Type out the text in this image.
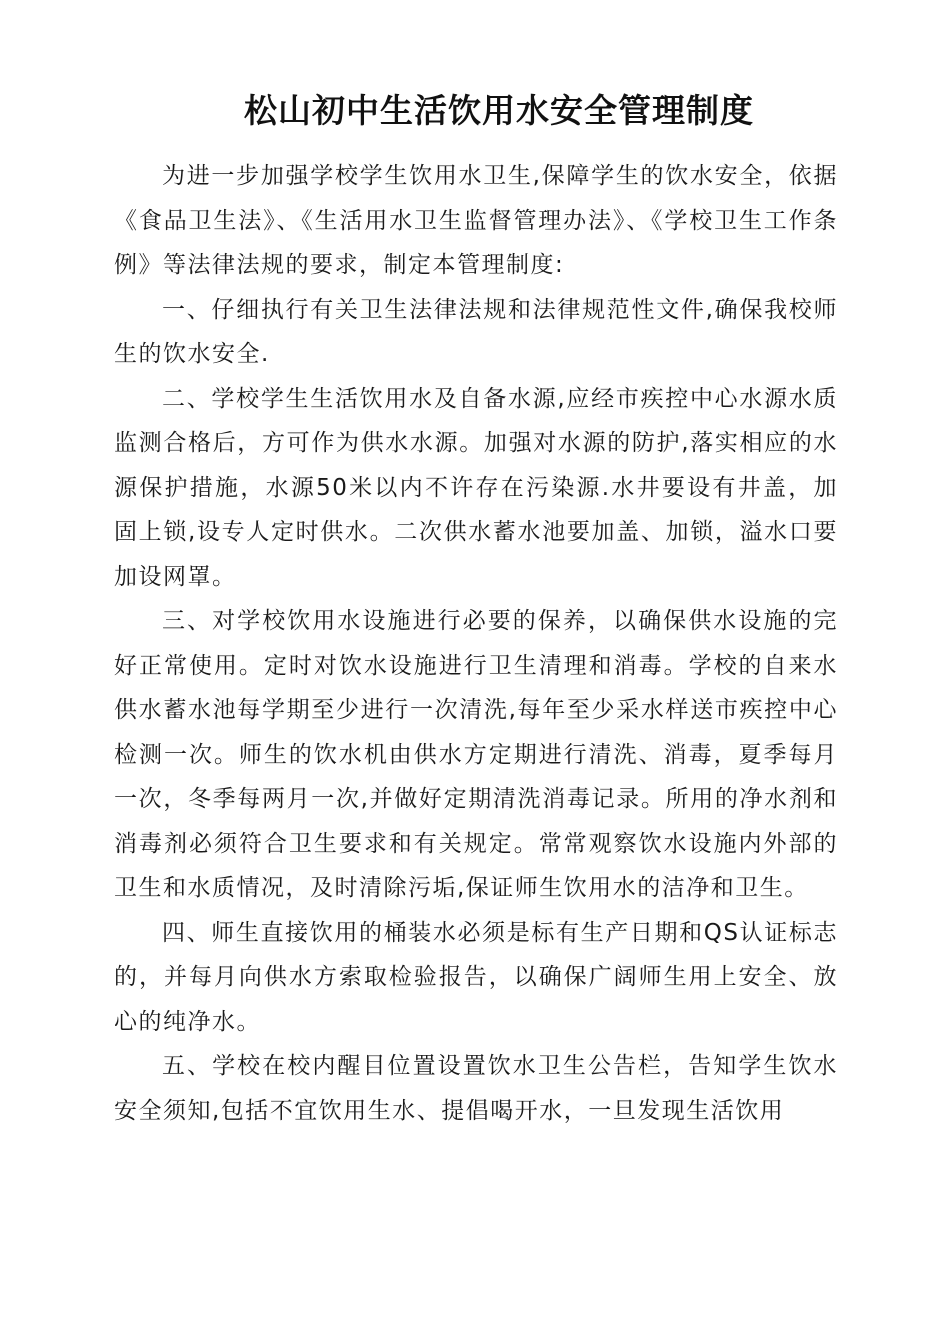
松山初中生活饮用水安全管理制度

为进一步加强学校学生饮用水卫生,保障学生的饮水安全，依据《食品卫生法》、《生活用水卫生监督管理办法》、《学校卫生工作条例》等法律法规的要求，制定本管理制度:

一、仔细执行有关卫生法律法规和法律规范性文件,确保我校师生的饮水安全.

二、学校学生生活饮用水及自备水源,应经市疾控中心水源水质监测合格后，方可作为供水水源。加强对水源的防护,落实相应的水源保护措施，水源50米以内不许存在污染源.水井要设有井盖，加固上锁,设专人定时供水。二次供水蓄水池要加盖、加锁，溢水口要加设网罩。

三、对学校饮用水设施进行必要的保养，以确保供水设施的完好正常使用。定时对饮水设施进行卫生清理和消毒。学校的自来水供水蓄水池每学期至少进行一次清洗,每年至少采水样送市疾控中心检测一次。师生的饮水机由供水方定期进行清洗、消毒，夏季每月一次，冬季每两月一次,并做好定期清洗消毒记录。所用的净水剂和消毒剂必须符合卫生要求和有关规定。常常观察饮水设施内外部的卫生和水质情况，及时清除污垢,保证师生饮用水的洁净和卫生。

四、师生直接饮用的桶装水必须是标有生产日期和QS认证标志的，并每月向供水方索取检验报告，以确保广阔师生用上安全、放心的纯净水。

五、学校在校内醒目位置设置饮水卫生公告栏，告知学生饮水安全须知,包括不宜饮用生水、提倡喝开水，一旦发现生活饮用
